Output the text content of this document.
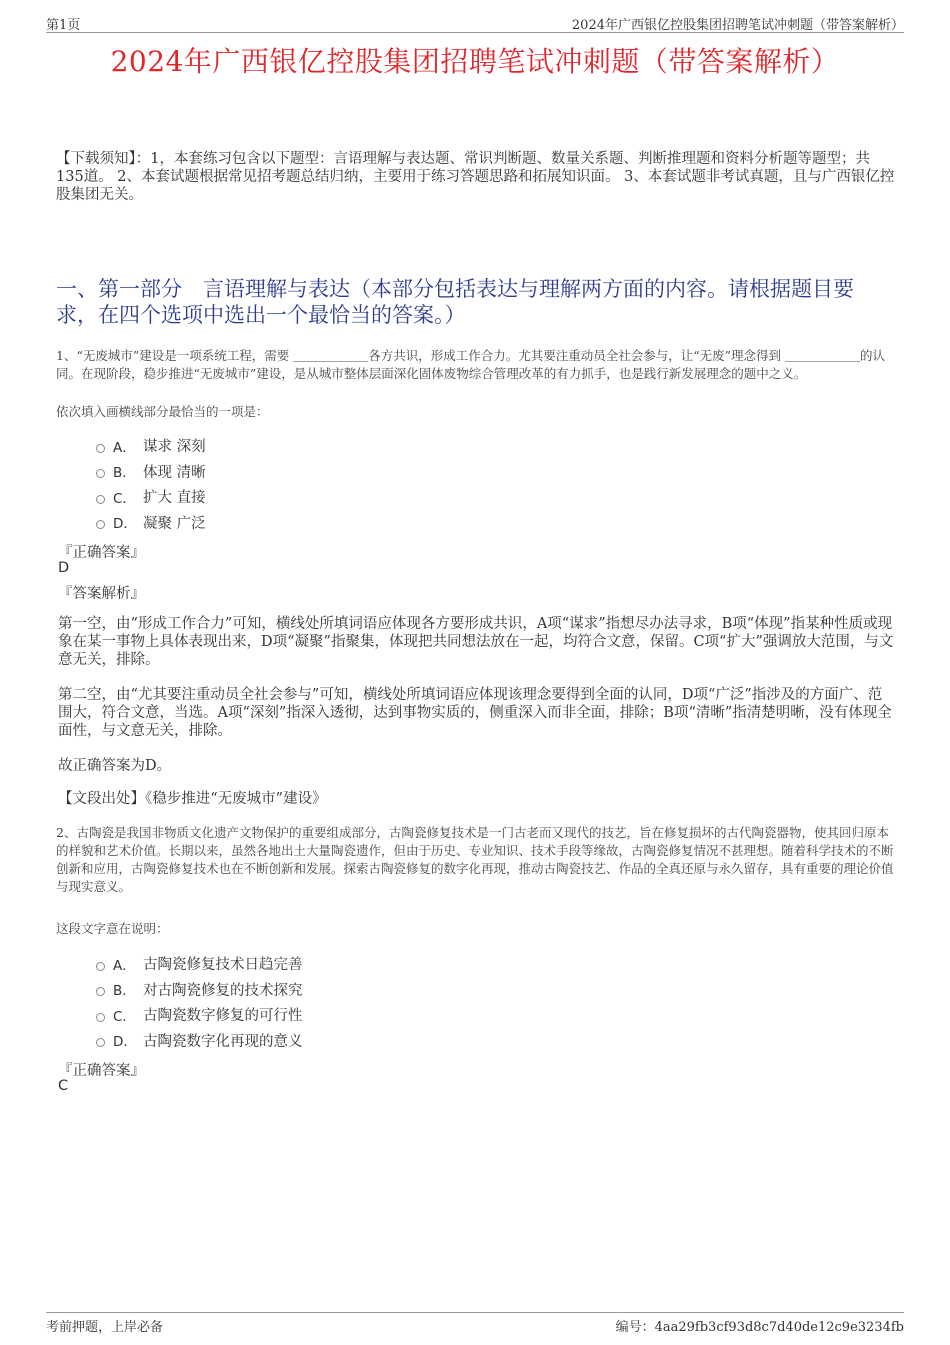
第1页	2024年广西银亿控股集团招聘笔试冲刺题（带答案解析）
2024年广西银亿控股集团招聘笔试冲刺题（带答案解析）
【下载须知】：1，本套练习包含以下题型：言语理解与表达题、常识判断题、数量关系题、判断推理题和资料分析题等题型；共135道。 2、本套试题根据常见招考题总结归纳，主要用于练习答题思路和拓展知识面。 3、本套试题非考试真题，且与广西银亿控股集团无关。
一、第一部分　言语理解与表达（本部分包括表达与理解两方面的内容。请根据题目要求，在四个选项中选出一个最恰当的答案。）
1、“无废城市”建设是一项系统工程，需要 ＿＿＿＿＿＿各方共识，形成工作合力。尤其要注重动员全社会参与，让“无废”理念得到 ＿＿＿＿＿＿的认同。在现阶段，稳步推进“无废城市”建设，是从城市整体层面深化固体废物综合管理改革的有力抓手，也是践行新发展理念的题中之义。
依次填入画横线部分最恰当的一项是：
A． 谋求 深刻
B． 体现 清晰
C． 扩大 直接
D． 凝聚 广泛
『正确答案』
D
『答案解析』
第一空，由“形成工作合力”可知，横线处所填词语应体现各方要形成共识，A项“谋求”指想尽办法寻求，B项“体现”指某种性质或现象在某一事物上具体表现出来，D项“凝聚”指聚集，体现把共同想法放在一起，均符合文意，保留。C项“扩大”强调放大范围，与文意无关，排除。
第二空，由“尤其要注重动员全社会参与”可知，横线处所填词语应体现该理念要得到全面的认同，D项“广泛”指涉及的方面广、范围大，符合文意，当选。A项“深刻”指深入透彻，达到事物实质的，侧重深入而非全面，排除；B项“清晰”指清楚明晰，没有体现全面性，与文意无关，排除。
故正确答案为D。
【文段出处】《稳步推进“无废城市”建设》
2、古陶瓷是我国非物质文化遗产文物保护的重要组成部分，古陶瓷修复技术是一门古老而又现代的技艺，旨在修复损坏的古代陶瓷器物，使其回归原本的样貌和艺术价值。长期以来，虽然各地出土大量陶瓷遗作，但由于历史、专业知识、技术手段等缘故，古陶瓷修复情况不甚理想。随着科学技术的不断创新和应用，古陶瓷修复技术也在不断创新和发展。探索古陶瓷修复的数字化再现，推动古陶瓷技艺、作品的全真还原与永久留存，具有重要的理论价值与现实意义。
这段文字意在说明：
A． 古陶瓷修复技术日趋完善
B． 对古陶瓷修复的技术探究
C． 古陶瓷数字修复的可行性
D． 古陶瓷数字化再现的意义
『正确答案』
C
考前押题，上岸必备	编号：4aa29fb3cf93d8c7d40de12c9e3234fb
